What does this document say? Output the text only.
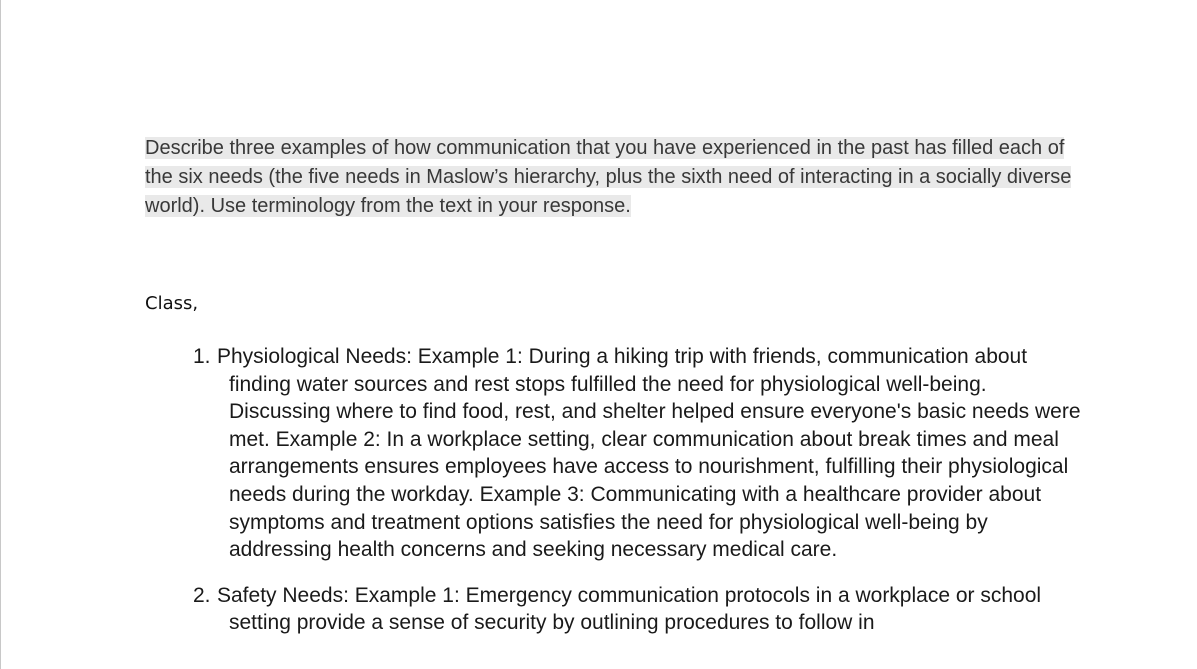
Describe three examples of how communication that you have experienced in the past has filled each of the six needs (the five needs in Maslow’s hierarchy, plus the sixth need of interacting in a socially diverse world). Use terminology from the text in your response.
Class,
1. Physiological Needs: Example 1: During a hiking trip with friends, communication about finding water sources and rest stops fulfilled the need for physiological well-being. Discussing where to find food, rest, and shelter helped ensure everyone's basic needs were met. Example 2: In a workplace setting, clear communication about break times and meal arrangements ensures employees have access to nourishment, fulfilling their physiological needs during the workday. Example 3: Communicating with a healthcare provider about symptoms and treatment options satisfies the need for physiological well-being by addressing health concerns and seeking necessary medical care.
2. Safety Needs: Example 1: Emergency communication protocols in a workplace or school setting provide a sense of security by outlining procedures to follow in
